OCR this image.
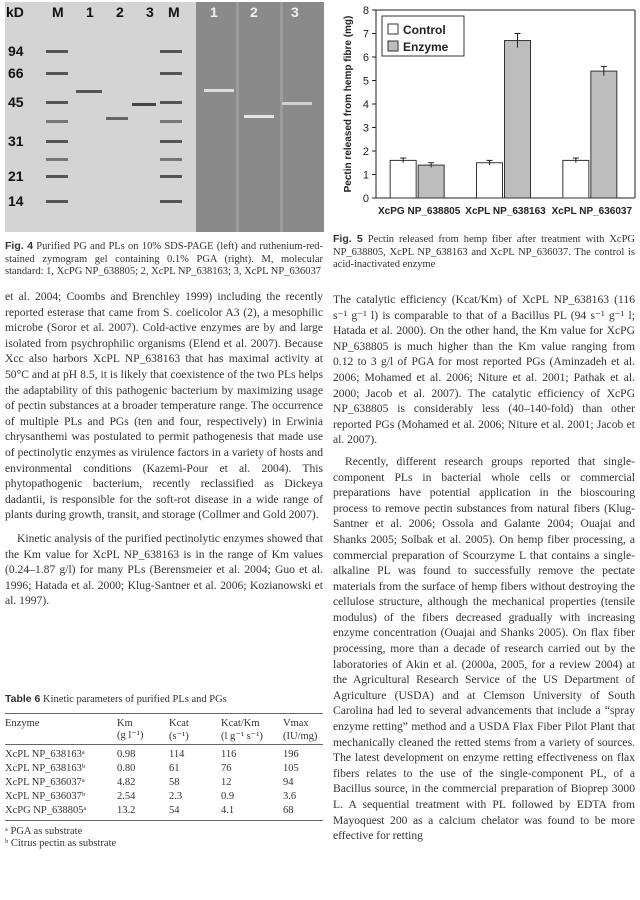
kD M 1 2 3 M 1 2 3
94
66
45
31
21
14
Fig. 4 Purified PG and PLs on 10% SDS-PAGE (left) and ruthenium-red-stained zymogram gel containing 0.1% PGA (right). M, molecular standard: 1, XcPG NP_638805; 2, XcPL NP_638163; 3, XcPL NP_636037
0
1
2
3
4
5
6
7
8
Pectin released from hemp fibre (mg)
XcPG NP_638805 XcPL NP_638163 XcPL NP_636037
Control
Enzyme
Fig. 5 Pectin released from hemp fiber after treatment with XcPG NP_638805, XcPL NP_638163 and XcPL NP_636037. The control is acid-inactivated enzyme

et al. 2004; Coombs and Brenchley 1999) including the recently reported esterase that came from S. coelicolor A3 (2), a mesophilic microbe (Soror et al. 2007). Cold-active enzymes are by and large isolated from psychrophilic organisms (Elend et al. 2007). Because Xcc also harbors XcPL NP_638163 that has maximal activity at 50°C and at pH 8.5, it is likely that coexistence of the two PLs helps the adaptability of this pathogenic bacterium by maximizing usage of pectin substances at a broader temperature range. The occurrence of multiple PLs and PGs (ten and four, respectively) in Erwinia chrysanthemi was postulated to permit pathogenesis that made use of pectinolytic enzymes as virulence factors in a variety of hosts and environmental conditions (Kazemi-Pour et al. 2004). This phytopathogenic bacterium, recently reclassified as Dickeya dadantii, is responsible for the soft-rot disease in a wide range of plants during growth, transit, and storage (Collmer and Gold 2007).

Kinetic analysis of the purified pectinolytic enzymes showed that the Km value for XcPL NP_638163 is in the range of Km values (0.24–1.87 g/l) for many PLs (Berensmeier et al. 2004; Guo et al. 1996; Hatada et al. 2000; Klug-Santner et al. 2006; Kozianowski et al. 1997).

Table 6 Kinetic parameters of purified PLs and PGs
Enzyme	Km	Kcat	Kcat/Km	Vmax
	(g l⁻¹)	(s⁻¹)	(l g⁻¹ s⁻¹)	(IU/mg)
XcPL NP_638163ᵃ	0.98	114	116	196
XcPL NP_638163ᵇ	0.80	61	76	105
XcPL NP_636037ᵃ	4.82	58	12	94
XcPL NP_636037ᵇ	2.54	2.3	0.9	3.6
XcPG NP_638805ᵃ	13.2	54	4.1	68
ᵃ PGA as substrate
ᵇ Citrus pectin as substrate

The catalytic efficiency (Kcat/Km) of XcPL NP_638163 (116 s⁻¹ g⁻¹ l) is comparable to that of a Bacillus PL (94 s⁻¹ g⁻¹ l; Hatada et al. 2000). On the other hand, the Km value for XcPG NP_638805 is much higher than the Km value ranging from 0.12 to 3 g/l of PGA for most reported PGs (Aminzadeh et al. 2006; Mohamed et al. 2006; Niture et al. 2001; Pathak et al. 2000; Jacob et al. 2007). The catalytic efficiency of XcPG NP_638805 is considerably less (40–140-fold) than other reported PGs (Mohamed et al. 2006; Niture et al. 2001; Jacob et al. 2007).

Recently, different research groups reported that single-component PLs in bacterial whole cells or commercial preparations have potential application in the bioscouring process to remove pectin substances from natural fibers (Klug-Santner et al. 2006; Ossola and Galante 2004; Ouajai and Shanks 2005; Solbak et al. 2005). On hemp fiber processing, a commercial preparation of Scourzyme L that contains a single-alkaline PL was found to successfully remove the pectate materials from the surface of hemp fibers without destroying the cellulose structure, although the mechanical properties (tensile modulus) of the fibers decreased gradually with increasing enzyme concentration (Ouajai and Shanks 2005). On flax fiber processing, more than a decade of research carried out by the laboratories of Akin et al. (2000a, 2005, for a review 2004) at the Agricultural Research Service of the US Department of Agriculture (USDA) and at Clemson University of South Carolina had led to several advancements that include a “spray enzyme retting” method and a USDA Flax Fiber Pilot Plant that mechanically cleaned the retted stems from a variety of sources. The latest development on enzyme retting effectiveness on flax fibers relates to the use of the single-component PL, of a Bacillus source, in the commercial preparation of Bioprep 3000 L. A sequential treatment with PL followed by EDTA from Mayoquest 200 as a calcium chelator was found to be more effective for retting
